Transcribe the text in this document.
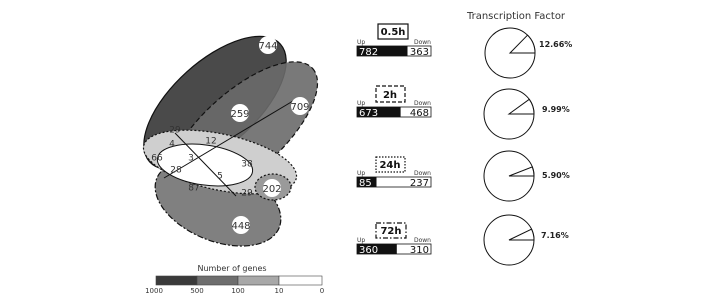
744
709
259
29
4	12
66	3
38
28
5
87	29 202
448
Number of genes
1000	500	100	10	0
0.5h
Up	Down
782	363
2h
Up	Down
673	468
24h
Up	Down
85	237
72h
Up	Down
360	310
Transcription Factor
12.66%
9.99%
5.90%
7.16%
